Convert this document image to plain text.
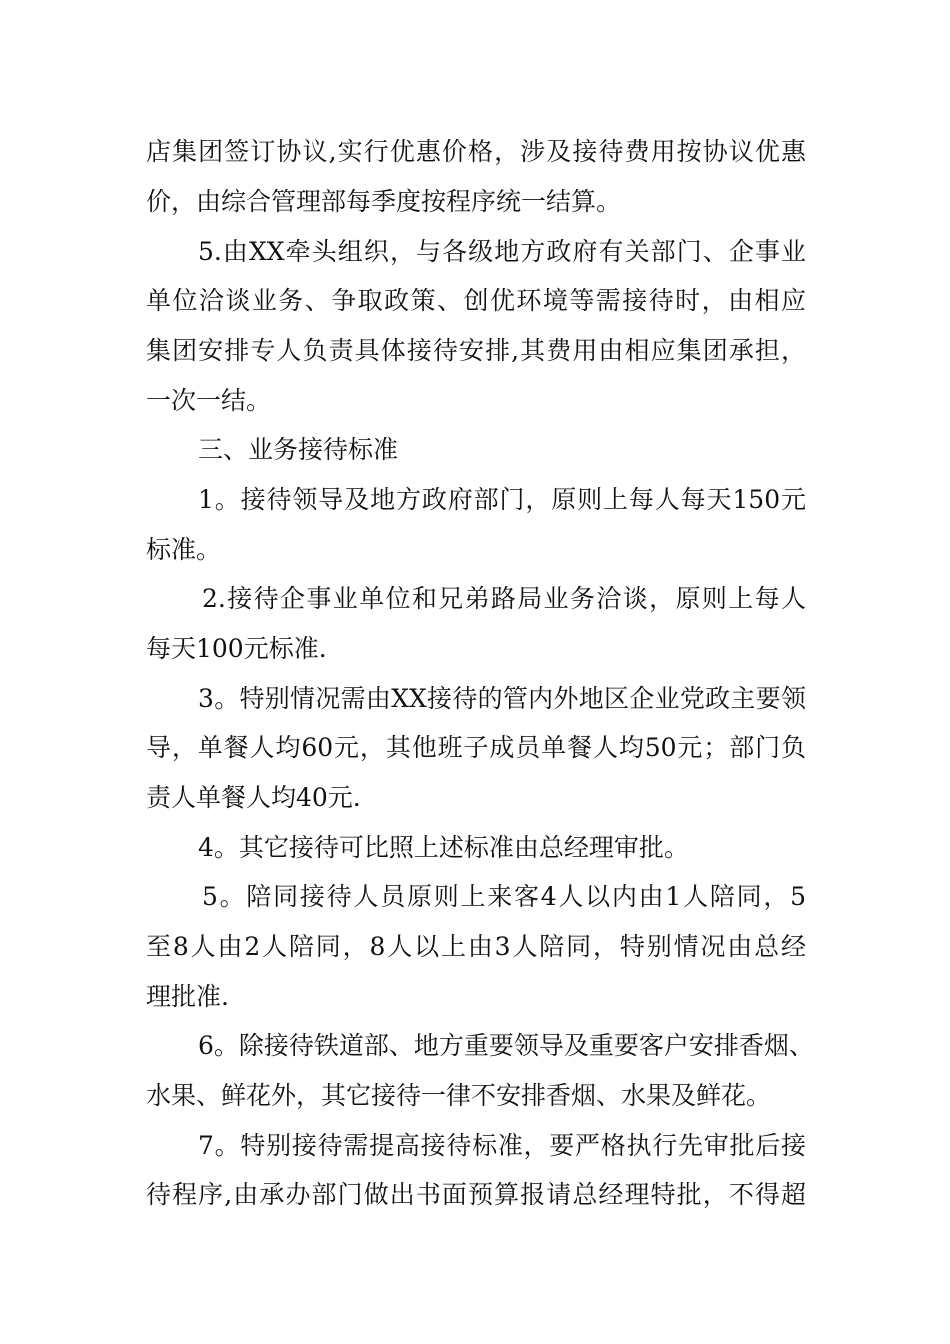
店集团签订协议,实行优惠价格，涉及接待费用按协议优惠
价，由综合管理部每季度按程序统一结算。
5.由XX牵头组织，与各级地方政府有关部门、企事业
单位洽谈业务、争取政策、创优环境等需接待时，由相应
集团安排专人负责具体接待安排,其费用由相应集团承担，
一次一结。
三、业务接待标准
1。接待领导及地方政府部门，原则上每人每天150元
标准。
2.接待企事业单位和兄弟路局业务洽谈，原则上每人
每天100元标准.
3。特别情况需由XX接待的管内外地区企业党政主要领
导，单餐人均60元，其他班子成员单餐人均50元；部门负
责人单餐人均40元.
4。其它接待可比照上述标准由总经理审批。
5。陪同接待人员原则上来客4人以内由1人陪同，5
至8人由2人陪同，8人以上由3人陪同，特别情况由总经
理批准.
6。除接待铁道部、地方重要领导及重要客户安排香烟、
水果、鲜花外，其它接待一律不安排香烟、水果及鲜花。
7。特别接待需提高接待标准，要严格执行先审批后接
待程序,由承办部门做出书面预算报请总经理特批，不得超
